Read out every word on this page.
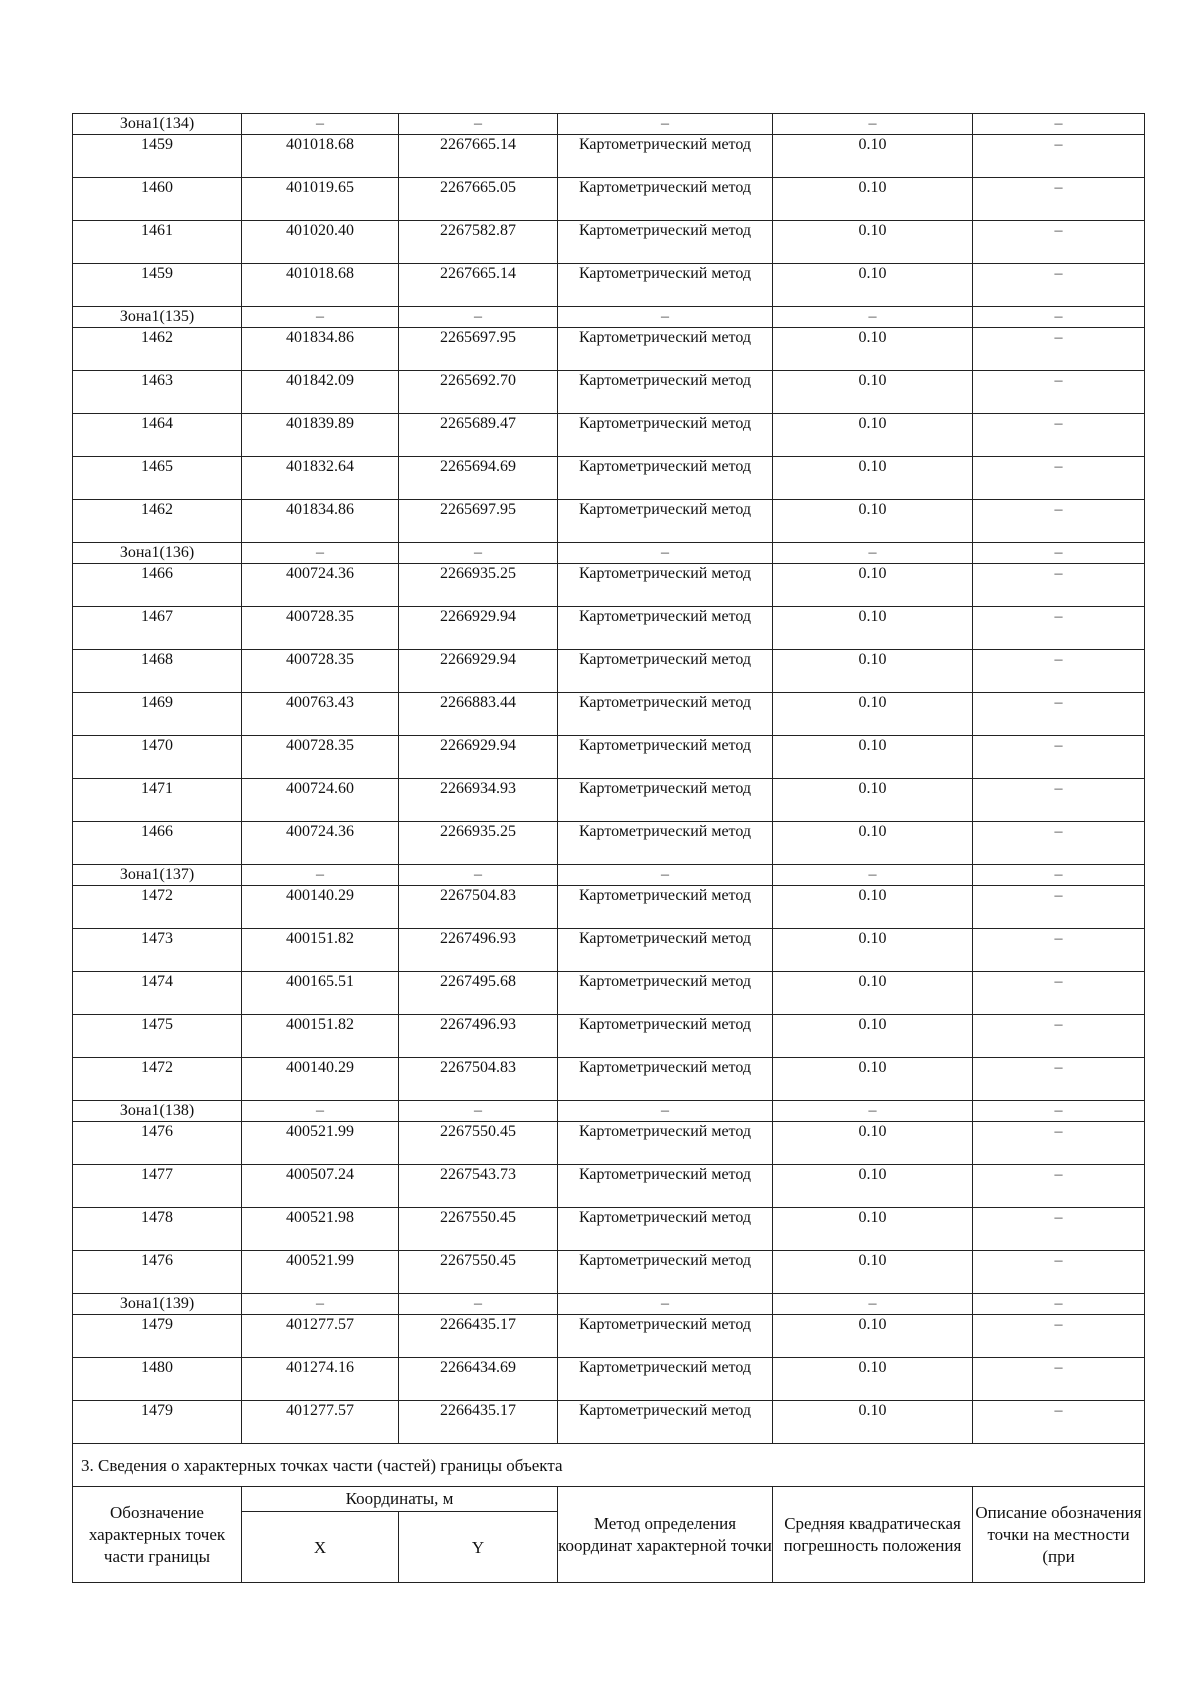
Зона1(134)	–	–	–	–	–
1459	401018.68	2267665.14	Картометрический метод	0.10	–
1460	401019.65	2267665.05	Картометрический метод	0.10	–
1461	401020.40	2267582.87	Картометрический метод	0.10	–
1459	401018.68	2267665.14	Картометрический метод	0.10	–
Зона1(135)	–	–	–	–	–
1462	401834.86	2265697.95	Картометрический метод	0.10	–
1463	401842.09	2265692.70	Картометрический метод	0.10	–
1464	401839.89	2265689.47	Картометрический метод	0.10	–
1465	401832.64	2265694.69	Картометрический метод	0.10	–
1462	401834.86	2265697.95	Картометрический метод	0.10	–
Зона1(136)	–	–	–	–	–
1466	400724.36	2266935.25	Картометрический метод	0.10	–
1467	400728.35	2266929.94	Картометрический метод	0.10	–
1468	400728.35	2266929.94	Картометрический метод	0.10	–
1469	400763.43	2266883.44	Картометрический метод	0.10	–
1470	400728.35	2266929.94	Картометрический метод	0.10	–
1471	400724.60	2266934.93	Картометрический метод	0.10	–
1466	400724.36	2266935.25	Картометрический метод	0.10	–
Зона1(137)	–	–	–	–	–
1472	400140.29	2267504.83	Картометрический метод	0.10	–
1473	400151.82	2267496.93	Картометрический метод	0.10	–
1474	400165.51	2267495.68	Картометрический метод	0.10	–
1475	400151.82	2267496.93	Картометрический метод	0.10	–
1472	400140.29	2267504.83	Картометрический метод	0.10	–
Зона1(138)	–	–	–	–	–
1476	400521.99	2267550.45	Картометрический метод	0.10	–
1477	400507.24	2267543.73	Картометрический метод	0.10	–
1478	400521.98	2267550.45	Картометрический метод	0.10	–
1476	400521.99	2267550.45	Картометрический метод	0.10	–
Зона1(139)	–	–	–	–	–
1479	401277.57	2266435.17	Картометрический метод	0.10	–
1480	401274.16	2266434.69	Картометрический метод	0.10	–
1479	401277.57	2266435.17	Картометрический метод	0.10	–
3. Сведения о характерных точках части (частей) границы объекта					
Обозначение характерных точек части границы	Координаты, м		Метод определения координат характерной точки	Средняя квадратическая погрешность положения	Описание обозначения точки на местности (при
	X	Y			
